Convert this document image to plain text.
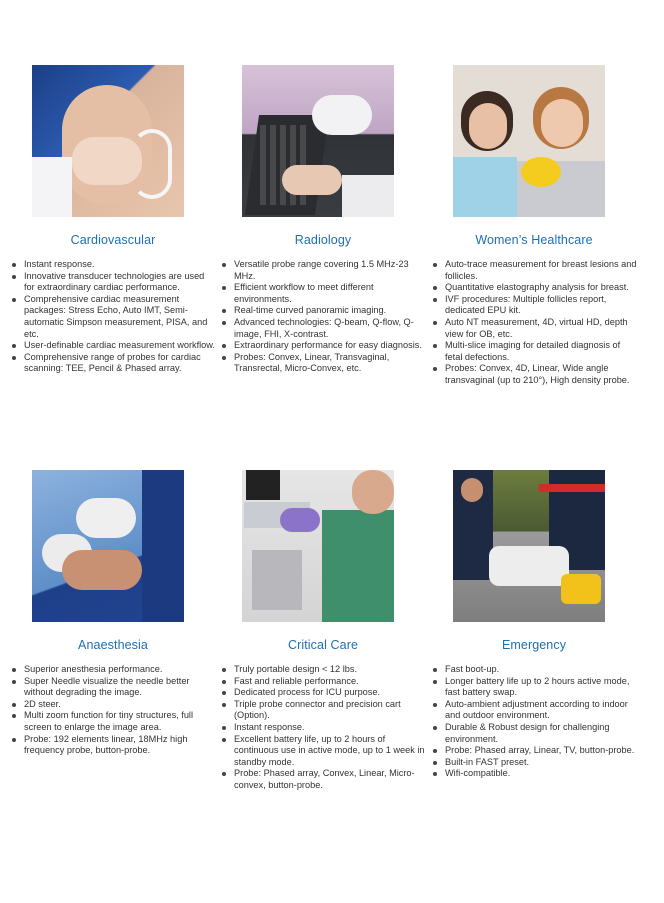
Cardiovascular
Instant response.
Innovative transducer technologies are used for extraordinary cardiac performance.
Comprehensive cardiac measurement packages: Stress Echo, Auto IMT, Semi-automatic Simpson measurement, PISA, and etc.
User-definable cardiac measurement workflow.
Comprehensive range of probes for cardiac scanning: TEE, Pencil & Phased array.
Radiology
Versatile probe range covering 1.5 MHz-23 MHz.
Efficient workflow to meet different environments.
Real-time curved panoramic imaging.
Advanced technologies: Q-beam, Q-flow, Q-image, FHI, X-contrast.
Extraordinary performance for easy diagnosis.
Probes: Convex, Linear, Transvaginal, Transrectal, Micro-Convex, etc.
Women’s Healthcare
Auto-trace measurement for breast lesions and follicles.
Quantitative elastography analysis for breast.
IVF procedures: Multiple follicles report, dedicated EPU kit.
Auto NT measurement, 4D, virtual HD, depth view for OB, etc.
Multi-slice imaging for detailed diagnosis of fetal defections.
Probes: Convex, 4D, Linear, Wide angle transvaginal (up to 210°), High density probe.
Anaesthesia
Superior anesthesia performance.
Super Needle visualize the needle better without degrading the image.
2D steer.
Multi zoom function for tiny structures, full screen to enlarge the image area.
Probe: 192 elements linear, 18MHz high frequency probe, button-probe.
Critical Care
Truly portable design < 12 lbs.
Fast and reliable performance.
Dedicated process for ICU purpose.
Triple probe connector and precision cart (Option).
Instant response.
Excellent battery life, up to 2 hours of continuous use in active mode, up to 1 week in standby mode.
Probe: Phased array, Convex, Linear, Micro-convex, button-probe.
Emergency
Fast boot-up.
Longer battery life up to 2 hours active mode, fast battery swap.
Auto-ambient adjustment according to indoor and outdoor environment.
Durable & Robust design for challenging environment.
Probe: Phased array, Linear, TV, button-probe.
Built-in FAST preset.
Wifi-compatible.
